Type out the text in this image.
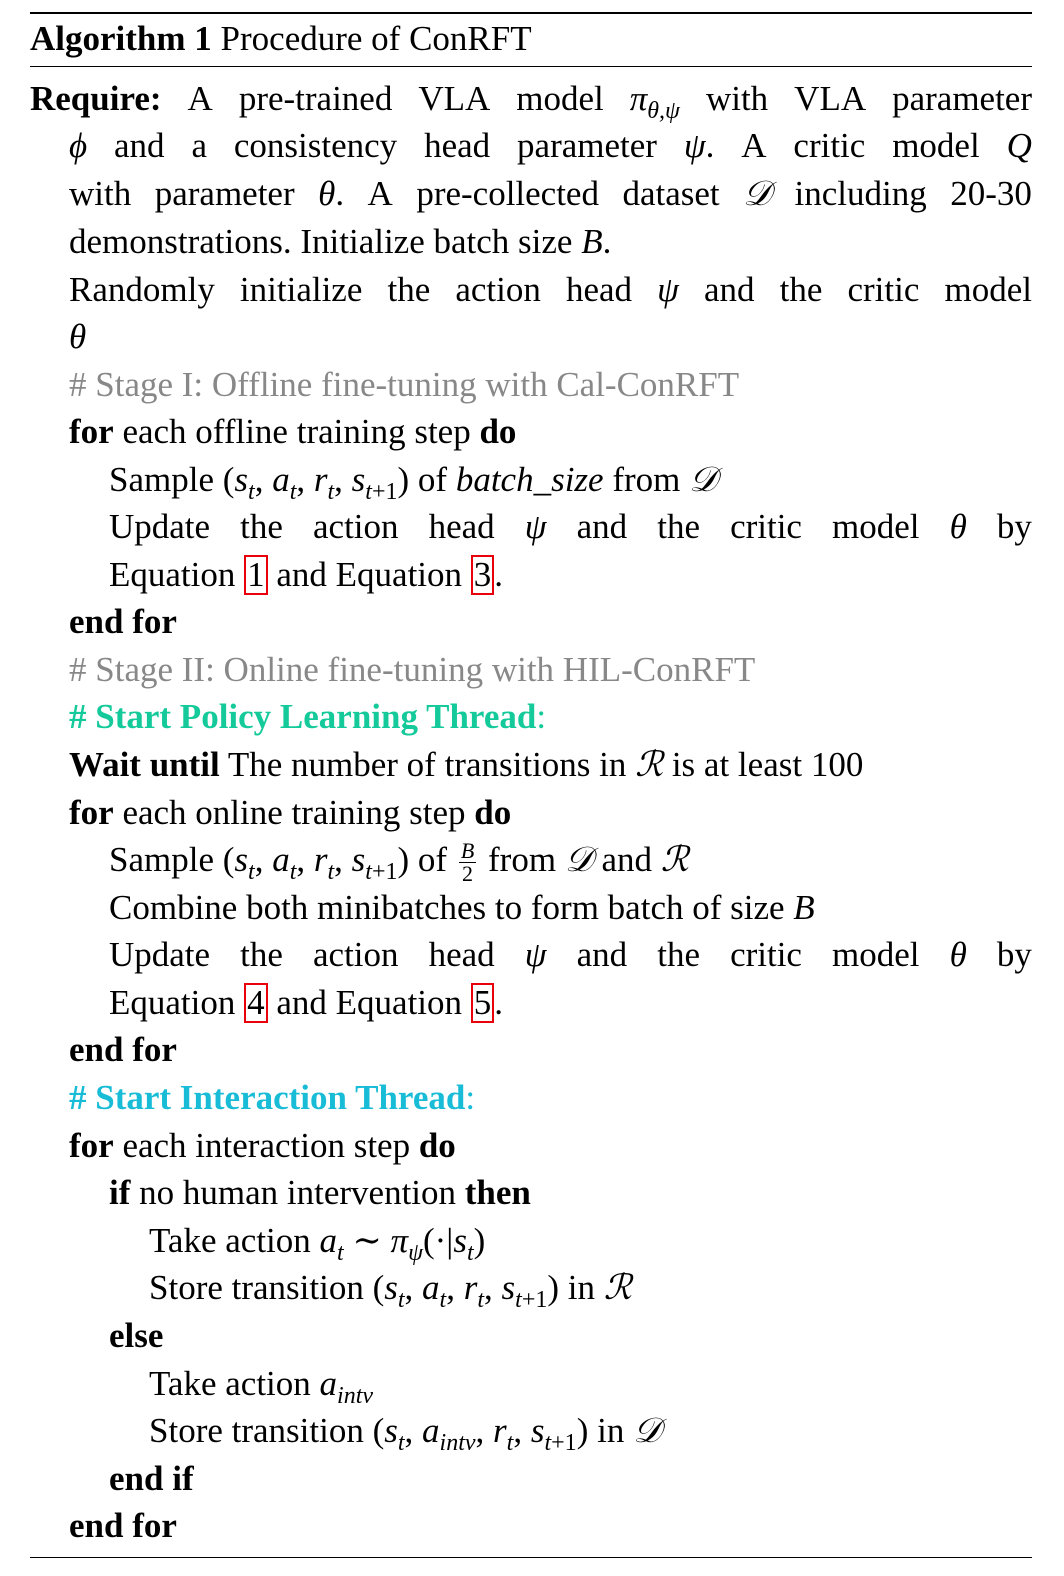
Algorithm 1 Procedure of ConRFT
Require: A pre-trained VLA model $\pi_{\theta,\psi}$ with VLA parameter
ϕ and a consistency head parameter ψ. A critic model Q
with parameter θ. A pre-collected dataset 𝒟 including 20-30
demonstrations. Initialize batch size B.
Randomly initialize the action head ψ and the critic model
θ
# Stage I: Offline fine-tuning with Cal-ConRFT
for each offline training step do
Sample ($s_t$, $a_t$, $r_t$, $s_{t+1}$) of batch_size from 𝒟
Update the action head ψ and the critic model θ by
Equation 1 and Equation 3.
end for
# Stage II: Online fine-tuning with HIL-ConRFT
# Start Policy Learning Thread:
Wait until The number of transitions in ℛ is at least 100
for each online training step do
Sample ($s_t$, $a_t$, $r_t$, $s_{t+1}$) of $\frac{B}{2}$ from 𝒟 and ℛ
Combine both minibatches to form batch of size B
Update the action head ψ and the critic model θ by
Equation 4 and Equation 5.
end for
# Start Interaction Thread:
for each interaction step do
if no human intervention then
Take action $a_t$ ∼ $\pi_\psi(\cdot|s_t)$
Store transition ($s_t$, $a_t$, $r_t$, $s_{t+1}$) in ℛ
else
Take action $a_{intv}$
Store transition ($s_t$, $a_{intv}$, $r_t$, $s_{t+1}$) in 𝒟
end if
end for
